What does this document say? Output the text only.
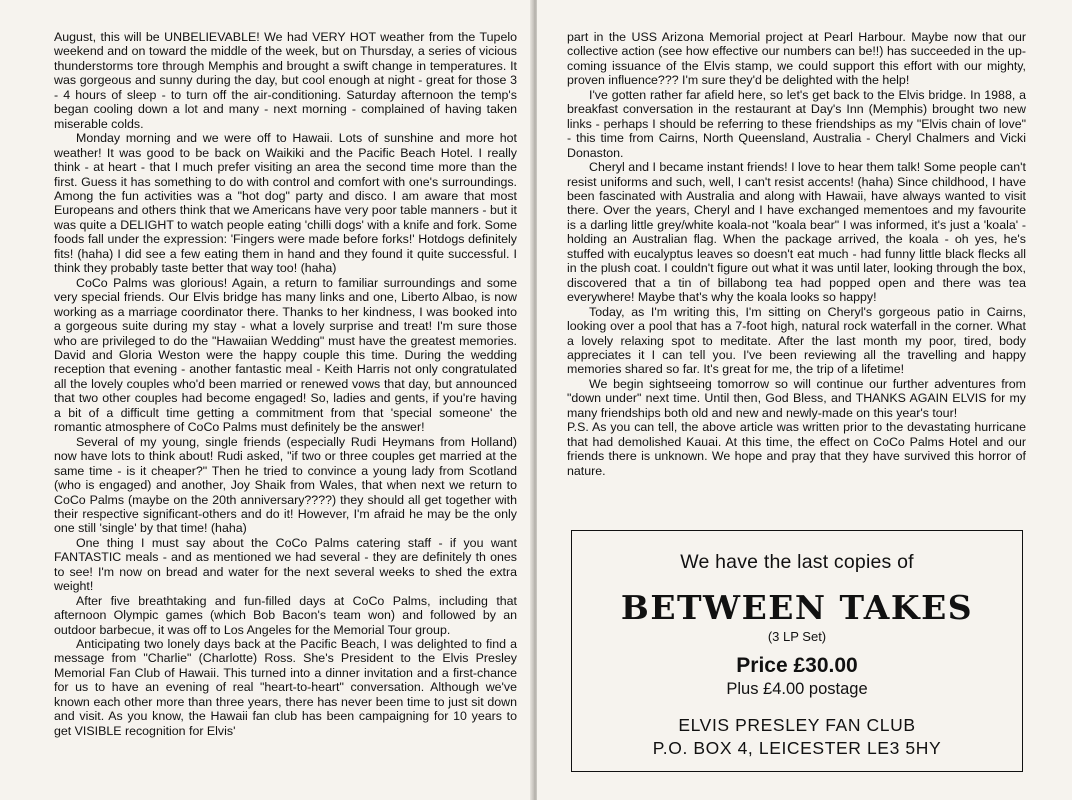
August, this will be UNBELIEVABLE! We had VERY HOT weather from the Tupelo weekend and on toward the middle of the week, but on Thursday, a series of vicious thunderstorms tore through Memphis and brought a swift change in temperatures. It was gorgeous and sunny during the day, but cool enough at night - great for those 3 - 4 hours of sleep - to turn off the air-conditioning. Saturday afternoon the temp's began cooling down a lot and many - next morning - complained of having taken miserable colds.

Monday morning and we were off to Hawaii. Lots of sunshine and more hot weather! It was good to be back on Waikiki and the Pacific Beach Hotel. I really think - at heart - that I much prefer visiting an area the second time more than the first. Guess it has something to do with control and comfort with one's surroundings. Among the fun activities was a "hot dog" party and disco. I am aware that most Europeans and others think that we Americans have very poor table manners - but it was quite a DELIGHT to watch people eating 'chilli dogs' with a knife and fork. Some foods fall under the expression: 'Fingers were made before forks!' Hotdogs definitely fits! (haha) I did see a few eating them in hand and they found it quite successful. I think they probably taste better that way too! (haha)

CoCo Palms was glorious! Again, a return to familiar surroundings and some very special friends. Our Elvis bridge has many links and one, Liberto Albao, is now working as a marriage coordinator there. Thanks to her kindness, I was booked into a gorgeous suite during my stay - what a lovely surprise and treat! I'm sure those who are privileged to do the "Hawaiian Wedding" must have the greatest memories. David and Gloria Weston were the happy couple this time. During the wedding reception that evening - another fantastic meal - Keith Harris not only congratulated all the lovely couples who'd been married or renewed vows that day, but announced that two other couples had become engaged! So, ladies and gents, if you're having a bit of a difficult time getting a commitment from that 'special someone' the romantic atmosphere of CoCo Palms must definitely be the answer!

Several of my young, single friends (especially Rudi Heymans from Holland) now have lots to think about! Rudi asked, "if two or three couples get married at the same time - is it cheaper?" Then he tried to convince a young lady from Scotland (who is engaged) and another, Joy Shaik from Wales, that when next we return to CoCo Palms (maybe on the 20th anniversary????) they should all get together with their respective significant-others and do it! However, I'm afraid he may be the only one still 'single' by that time! (haha)

One thing I must say about the CoCo Palms catering staff - if you want FANTASTIC meals - and as mentioned we had several - they are definitely th ones to see! I'm now on bread and water for the next several weeks to shed the extra weight!

After five breathtaking and fun-filled days at CoCo Palms, including that afternoon Olympic games (which Bob Bacon's team won) and followed by an outdoor barbecue, it was off to Los Angeles for the Memorial Tour group.

Anticipating two lonely days back at the Pacific Beach, I was delighted to find a message from "Charlie" (Charlotte) Ross. She's President to the Elvis Presley Memorial Fan Club of Hawaii. This turned into a dinner invitation and a first-chance for us to have an evening of real "heart-to-heart" conversation. Although we've known each other more than three years, there has never been time to just sit down and visit. As you know, the Hawaii fan club has been campaigning for 10 years to get VISIBLE recognition for Elvis'

part in the USS Arizona Memorial project at Pearl Harbour. Maybe now that our collective action (see how effective our numbers can be!!) has succeeded in the up-coming issuance of the Elvis stamp, we could support this effort with our mighty, proven influence??? I'm sure they'd be delighted with the help!

I've gotten rather far afield here, so let's get back to the Elvis bridge. In 1988, a breakfast conversation in the restaurant at Day's Inn (Memphis) brought two new links - perhaps I should be referring to these friendships as my "Elvis chain of love" - this time from Cairns, North Queensland, Australia - Cheryl Chalmers and Vicki Donaston.

Cheryl and I became instant friends! I love to hear them talk! Some people can't resist uniforms and such, well, I can't resist accents! (haha) Since childhood, I have been fascinated with Australia and along with Hawaii, have always wanted to visit there. Over the years, Cheryl and I have exchanged mementoes and my favourite is a darling little grey/white koala-not "koala bear" I was informed, it's just a 'koala' - holding an Australian flag. When the package arrived, the koala - oh yes, he's stuffed with eucalyptus leaves so doesn't eat much - had funny little black flecks all in the plush coat. I couldn't figure out what it was until later, looking through the box, discovered that a tin of billabong tea had popped open and there was tea everywhere! Maybe that's why the koala looks so happy!

Today, as I'm writing this, I'm sitting on Cheryl's gorgeous patio in Cairns, looking over a pool that has a 7-foot high, natural rock waterfall in the corner. What a lovely relaxing spot to meditate. After the last month my poor, tired, body appreciates it I can tell you. I've been reviewing all the travelling and happy memories shared so far. It's great for me, the trip of a lifetime!

We begin sightseeing tomorrow so will continue our further adventures from "down under" next time. Until then, God Bless, and THANKS AGAIN ELVIS for my many friendships both old and new and newly-made on this year's tour!

P.S. As you can tell, the above article was written prior to the devastating hurricane that had demolished Kauai. At this time, the effect on CoCo Palms Hotel and our friends there is unknown. We hope and pray that they have survived this horror of nature.

We have the last copies of
BETWEEN TAKES
(3 LP Set)
Price £30.00
Plus £4.00 postage
ELVIS PRESLEY FAN CLUB
P.O. BOX 4, LEICESTER LE3 5HY
